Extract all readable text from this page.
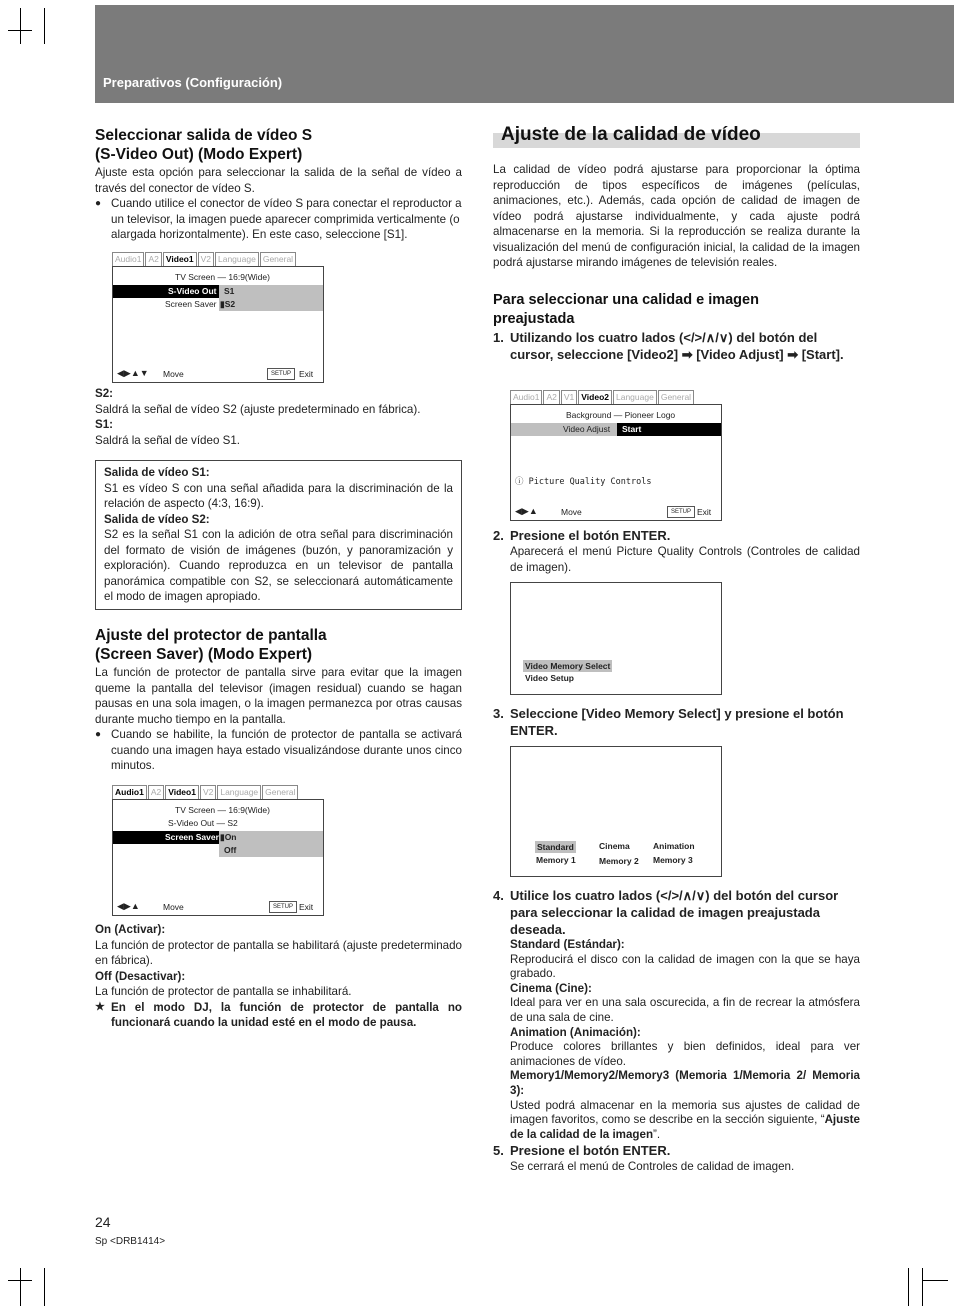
Preparativos (Configuración)
Seleccionar salida de vídeo S
(S-Video Out) (Modo Expert)

Ajuste esta opción para seleccionar la salida de la señal de vídeo a través del conector de vídeo S.

● Cuando utilice el conector de vídeo S para conectar el reproductor a un televisor, la imagen puede aparecer comprimida verticalmente (o alargada horizontalmente). En este caso, seleccione [S1].
Audio1 A2 Video1 V2 Language General
TV Screen — 16:9(Wide)
S-Video Out S1
Screen Saver ▮S2
◀▶▲▼ Move	SETUP Exit

S2:

Saldrá la señal de vídeo S2 (ajuste predeterminado en fábrica).

S1:

Saldrá la señal de vídeo S1.

Salida de vídeo S1:

S1 es vídeo S con una señal añadida para la discriminación de la relación de aspecto (4:3, 16:9).

Salida de vídeo S2:

S2 es la señal S1 con la adición de otra señal para discriminación del formato de visión de imágenes (buzón, y panoramización y exploración). Cuando reproduzca en un televisor de pantalla panorámica compatible con S2, se seleccionará automáticamente el modo de imagen apropiado.

Ajuste del protector de pantalla
(Screen Saver) (Modo Expert)

La función de protector de pantalla sirve para evitar que la imagen queme la pantalla del televisor (imagen residual) cuando se hagan pausas en una sola imagen, o la imagen permanezca por otras causas durante mucho tiempo en la pantalla.

● Cuando se habilite, la función de protector de pantalla se activará cuando una imagen haya estado visualizándose durante unos cinco minutos.
Audio1 A2 Video1 V2 Language General
TV Screen — 16:9(Wide)
S-Video Out — S2
Screen Saver ▮On
Off
◀▶▲	Move	SETUP Exit

On (Activar):

La función de protector de pantalla se habilitará (ajuste predeterminado en fábrica).

Off (Desactivar):

La función de protector de pantalla se inhabilitará.

★ En el modo DJ, la función de protector de pantalla no funcionará cuando la unidad esté en el modo de pausa.
Ajuste de la calidad de vídeo

La calidad de vídeo podrá ajustarse para proporcionar la óptima reproducción de tipos específicos de imágenes (películas, animaciones, etc.). Además, cada opción de calidad de imagen de vídeo podrá ajustarse individualmente, y cada ajuste podrá almacenarse en la memoria. Si la reproducción se realiza durante la visualización del menú de configuración inicial, la calidad de la imagen podrá ajustarse mirando imágenes de televisión reales.

Para seleccionar una calidad e imagen
preajustada
1. Utilizando los cuatro lados (</>/∧/∨) del botón del cursor, seleccione [Video2] ➡ [Video Adjust] ➡ [Start].
Audio1 A2 V1 Video2 Language General
Background — Pioneer Logo
Video Adjust Start
ⓘ Picture Quality Controls
◀▶▲	Move	SETUP Exit
2. Presione el botón ENTER.

Aparecerá el menú Picture Quality Controls (Controles de calidad de imagen).

Video Memory Select
Video Setup
3. Seleccione [Video Memory Select] y presione el botón ENTER.
Standard
Memory 1
Cinema
Memory 2
Animation
Memory 3
4. Utilice los cuatro lados (</>/∧/∨) del botón del cursor para seleccionar la calidad de imagen preajustada deseada.

Standard (Estándar):

Reproducirá el disco con la calidad de imagen con la que se haya grabado.

Cinema (Cine):

Ideal para ver en una sala oscurecida, a fin de recrear la atmósfera de una sala de cine.

Animation (Animación):

Produce colores brillantes y bien definidos, ideal para ver animaciones de vídeo.

Memory1/Memory2/Memory3 (Memoria 1/Memoria 2/ Memoria 3):

Usted podrá almacenar en la memoria sus ajustes de calidad de imagen favoritos, como se describe en la sección siguiente, “Ajuste de la calidad de la imagen”.

5. Presione el botón ENTER.

Se cerrará el menú de Controles de calidad de imagen.

24
Sp <DRB1414>
